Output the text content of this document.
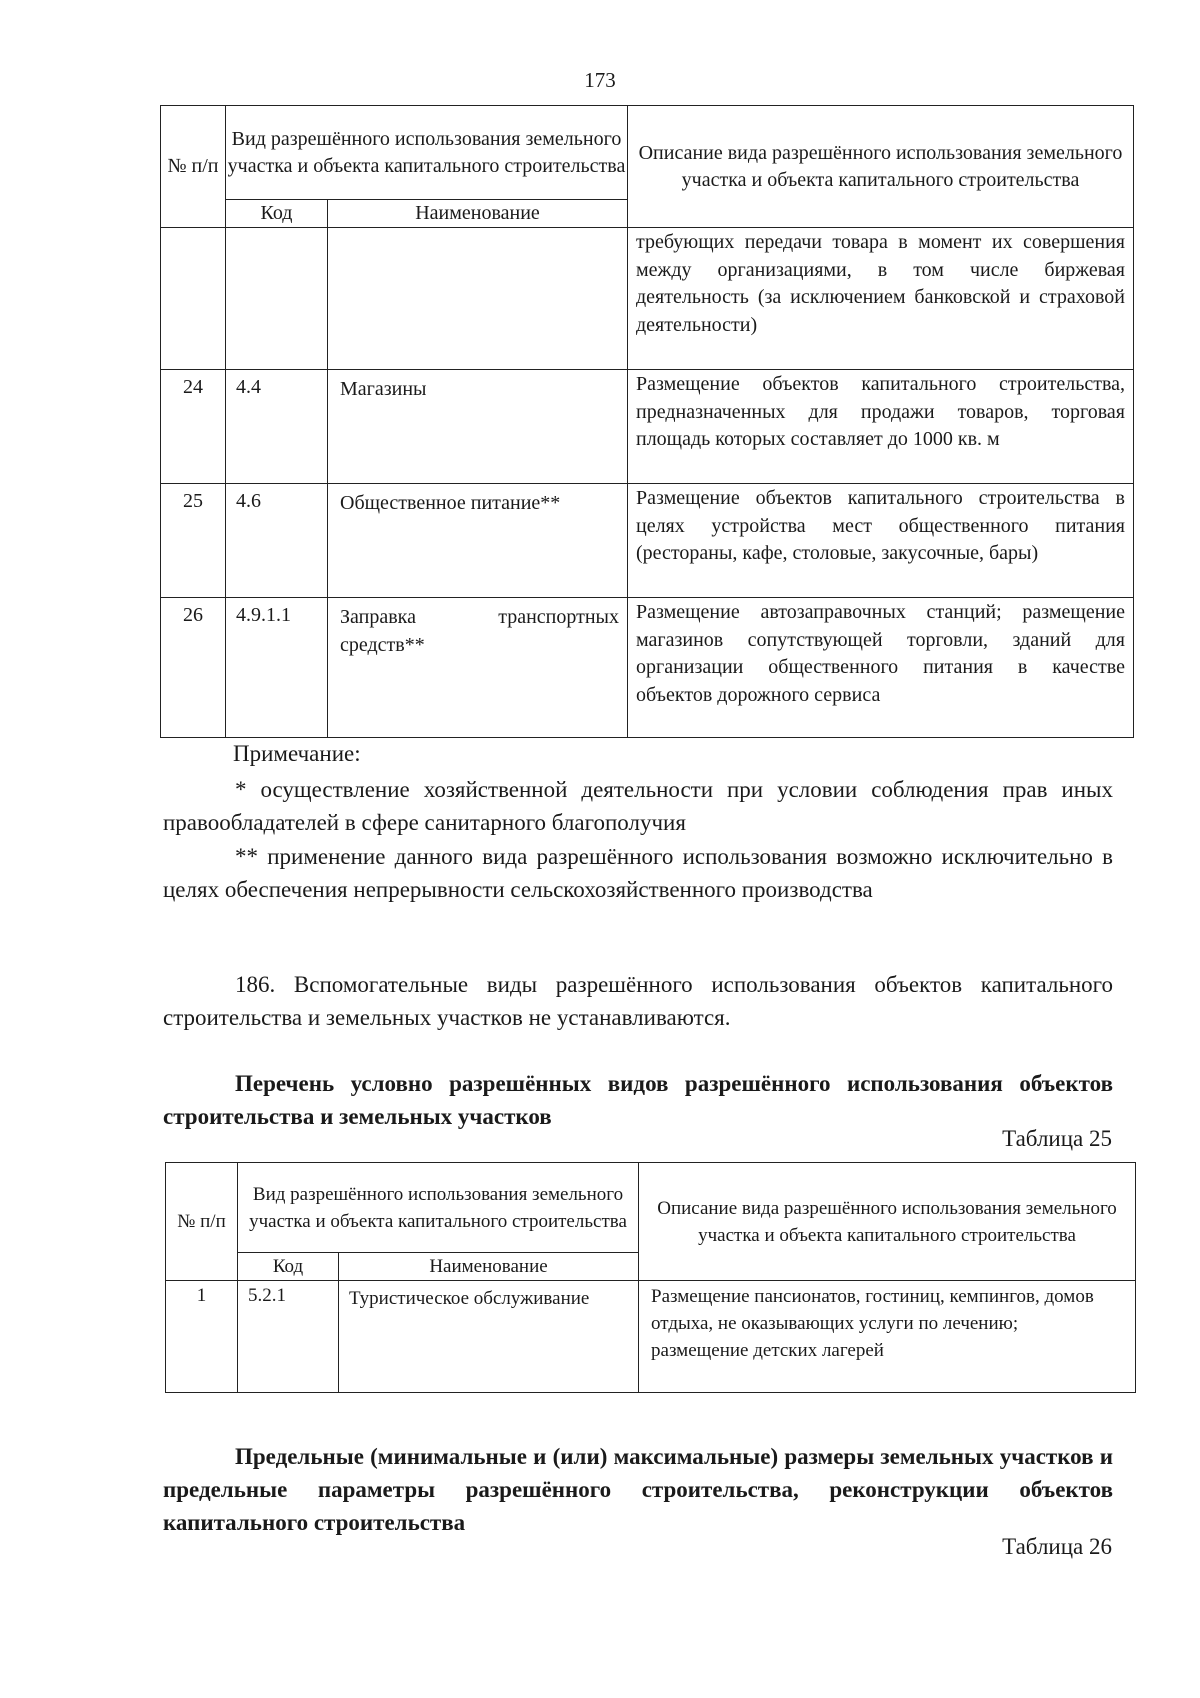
173
№ п/п	Вид разрешённого использования земельного участка и объекта капитального строительства		Описание вида разрешённого использования земельного участка и объекта капитального строительства
	Код	Наименование	
			требующих передачи товара в момент их совершения между организациями, в том числе биржевая деятельность (за исключением банковской и страховой деятельности)
24	4.4	Магазины	Размещение объектов капитального строительства, предназначенных для продажи товаров, торговая площадь которых составляет до 1000 кв. м
25	4.6	Общественное питание**	Размещение объектов капитального строительства в целях устройства мест общественного питания (рестораны, кафе, столовые, закусочные, бары)
26	4.9.1.1	Заправка транспортных средств**	Размещение автозаправочных станций; размещение магазинов сопутствующей торговли, зданий для организации общественного питания в качестве объектов дорожного сервиса
Примечание:
* осуществление хозяйственной деятельности при условии соблюдения прав иных правообладателей в сфере санитарного благополучия
** применение данного вида разрешённого использования возможно исключительно в целях обеспечения непрерывности сельскохозяйственного производства
186. Вспомогательные виды разрешённого использования объектов капитального строительства и земельных участков не устанавливаются.
Перечень условно разрешённых видов разрешённого использования объектов строительства и земельных участков
Таблица 25
№ п/п	Вид разрешённого использования земельного участка и объекта капитального строительства		Описание вида разрешённого использования земельного участка и объекта капитального строительства
	Код	Наименование	
1	5.2.1	Туристическое обслуживание	Размещение пансионатов, гостиниц, кемпингов, домов отдыха, не оказывающих услуги по лечению;
размещение детских лагерей
Предельные (минимальные и (или) максимальные) размеры земельных участков и предельные параметры разрешённого строительства, реконструкции объектов капитального строительства
Таблица 26
